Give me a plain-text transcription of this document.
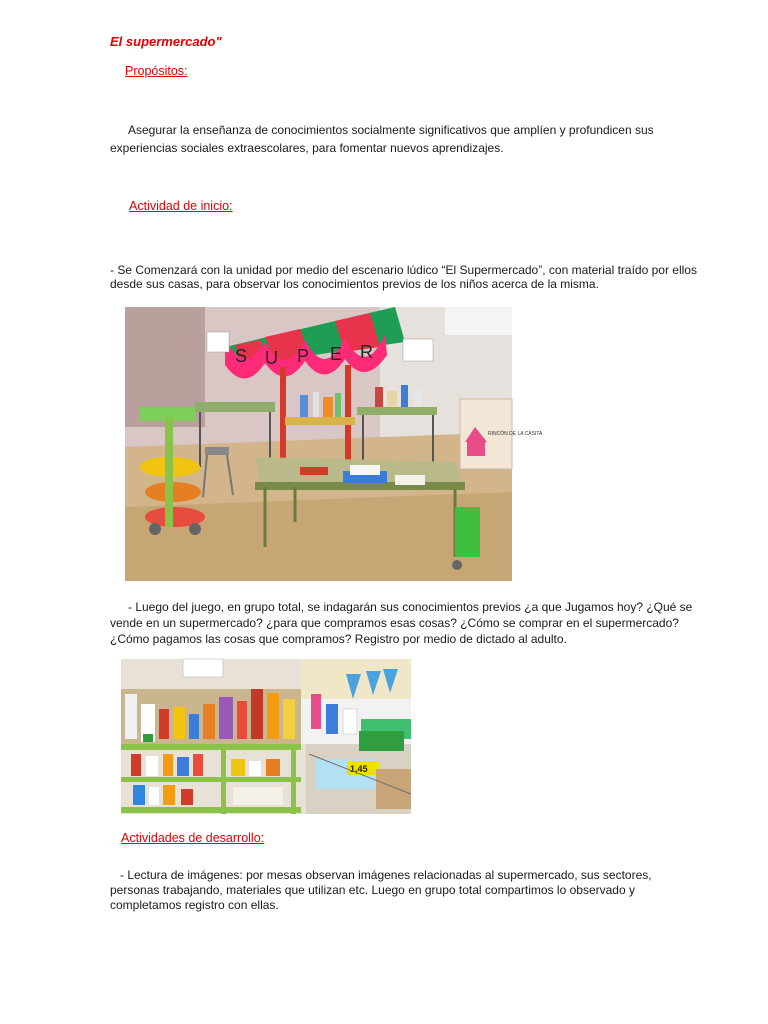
El supermercado"
Propósitos:
Asegurar la enseñanza de conocimientos socialmente significativos que amplíen y profundicen sus
experiencias sociales extraescolares, para fomentar nuevos aprendizajes.
Actividad de inicio:
- Se Comenzará con la unidad por medio del escenario lúdico “El Supermercado”, con material traído por ellos
desde sus casas, para observar los conocimientos previos de los niños acerca de la misma.
S U P E R
RINCÓN DE LA CASITA
- Luego del juego, en grupo total, se indagarán sus conocimientos previos ¿a que Jugamos hoy? ¿Qué se
vende en un supermercado? ¿para que compramos esas cosas? ¿Cómo se comprar en el supermercado?
¿Cómo pagamos las cosas que compramos? Registro por medio de dictado al adulto.
1,45
Actividades de desarrollo:
- Lectura de imágenes: por mesas observan imágenes relacionadas al supermercado, sus sectores,
personas trabajando, materiales que utilizan etc. Luego en grupo total compartimos lo observado y
completamos registro con ellas.
